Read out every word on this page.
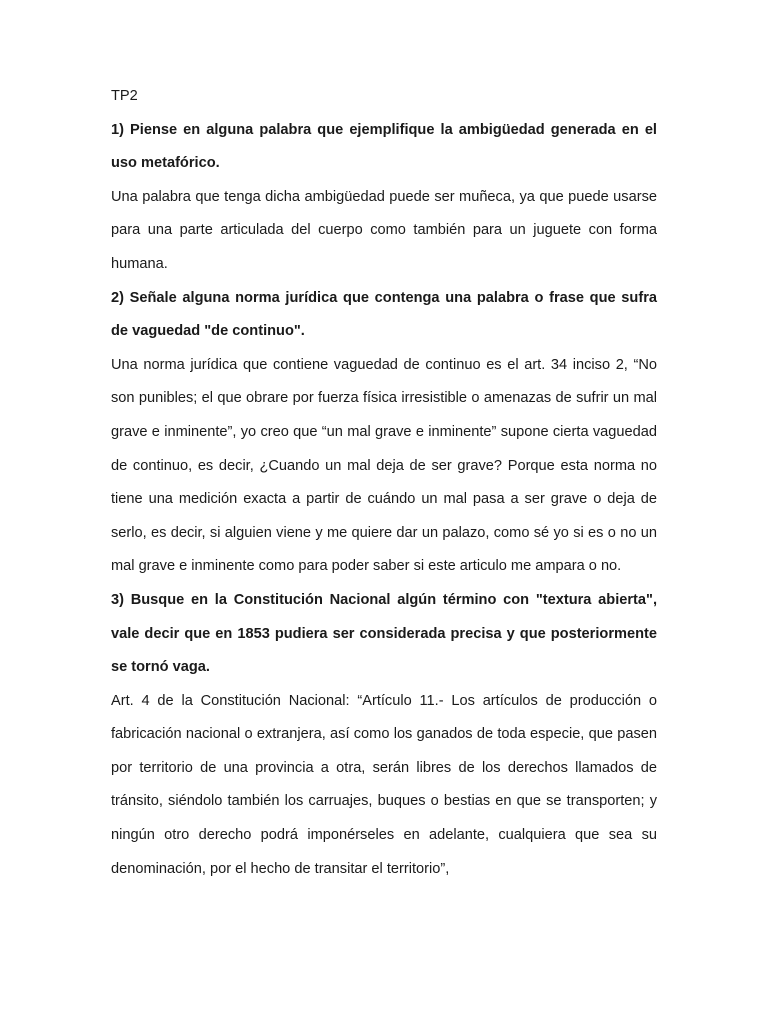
TP2

1) Piense en alguna palabra que ejemplifique la ambigüedad generada en el uso metafórico.

Una palabra que tenga dicha ambigüedad puede ser muñeca, ya que puede usarse para una parte articulada del cuerpo como también para un juguete con forma humana.

2) Señale alguna norma jurídica que contenga una palabra o frase que sufra de vaguedad "de continuo".

Una norma jurídica que contiene vaguedad de continuo es el art. 34 inciso 2, “No son punibles; el que obrare por fuerza física irresistible o amenazas de sufrir un mal grave e inminente”, yo creo que “un mal grave e inminente” supone cierta vaguedad de continuo, es decir, ¿Cuando un mal deja de ser grave? Porque esta norma no tiene una medición exacta a partir de cuándo un mal pasa a ser grave o deja de serlo, es decir, si alguien viene y me quiere dar un palazo, como sé yo si es o no un mal grave e inminente como para poder saber si este articulo me ampara o no.

3) Busque en la Constitución Nacional algún término con "textura abierta", vale decir que en 1853 pudiera ser considerada precisa y que posteriormente se tornó vaga.

Art. 4 de la Constitución Nacional: “Artículo 11.- Los artículos de producción o fabricación nacional o extranjera, así como los ganados de toda especie, que pasen por territorio de una provincia a otra, serán libres de los derechos llamados de tránsito, siéndolo también los carruajes, buques o bestias en que se transporten; y ningún otro derecho podrá imponérseles en adelante, cualquiera que sea su denominación, por el hecho de transitar el territorio”,
